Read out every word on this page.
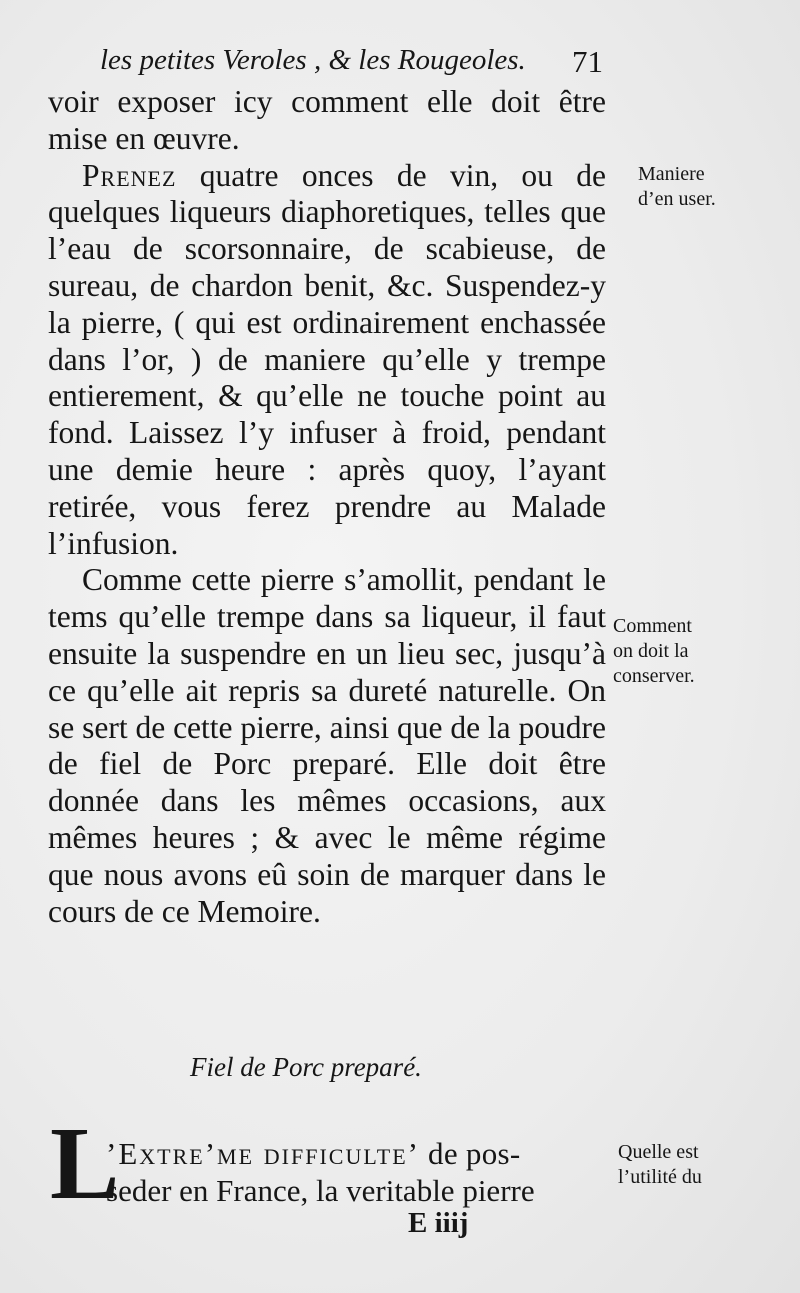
les petites Veroles , & les Rougeoles. 71

voir exposer icy comment elle doit être mise en œuvre.

Prenez quatre onces de vin, ou de quelques liqueurs diaphoretiques, telles que l’eau de scorsonnaire, de scabieuse, de sureau, de chardon benit, &c. Suspendez-y la pierre, ( qui est ordinairement enchassée dans l’or, ) de maniere qu’elle y trempe entierement, & qu’elle ne touche point au fond. Laissez l’y infuser à froid, pendant une demie heure : après quoy, l’ayant retirée, vous ferez prendre au Malade l’infusion.

Comme cette pierre s’amollit, pendant le tems qu’elle trempe dans sa liqueur, il faut ensuite la suspendre en un lieu sec, jusqu’à ce qu’elle ait repris sa dureté naturelle. On se sert de cette pierre, ainsi que de la poudre de fiel de Porc preparé. Elle doit être donnée dans les mêmes occasions, aux mêmes heures ; & avec le même régime que nous avons eû soin de marquer dans le cours de ce Memoire.

Fiel de Porc preparé.
L
’Extre’me difficulte’ de pos-
seder en France, la veritable pierre
E iiij
Maniere
d’en user.
Comment
on doit la
conserver.
Quelle est
l’utilité du
